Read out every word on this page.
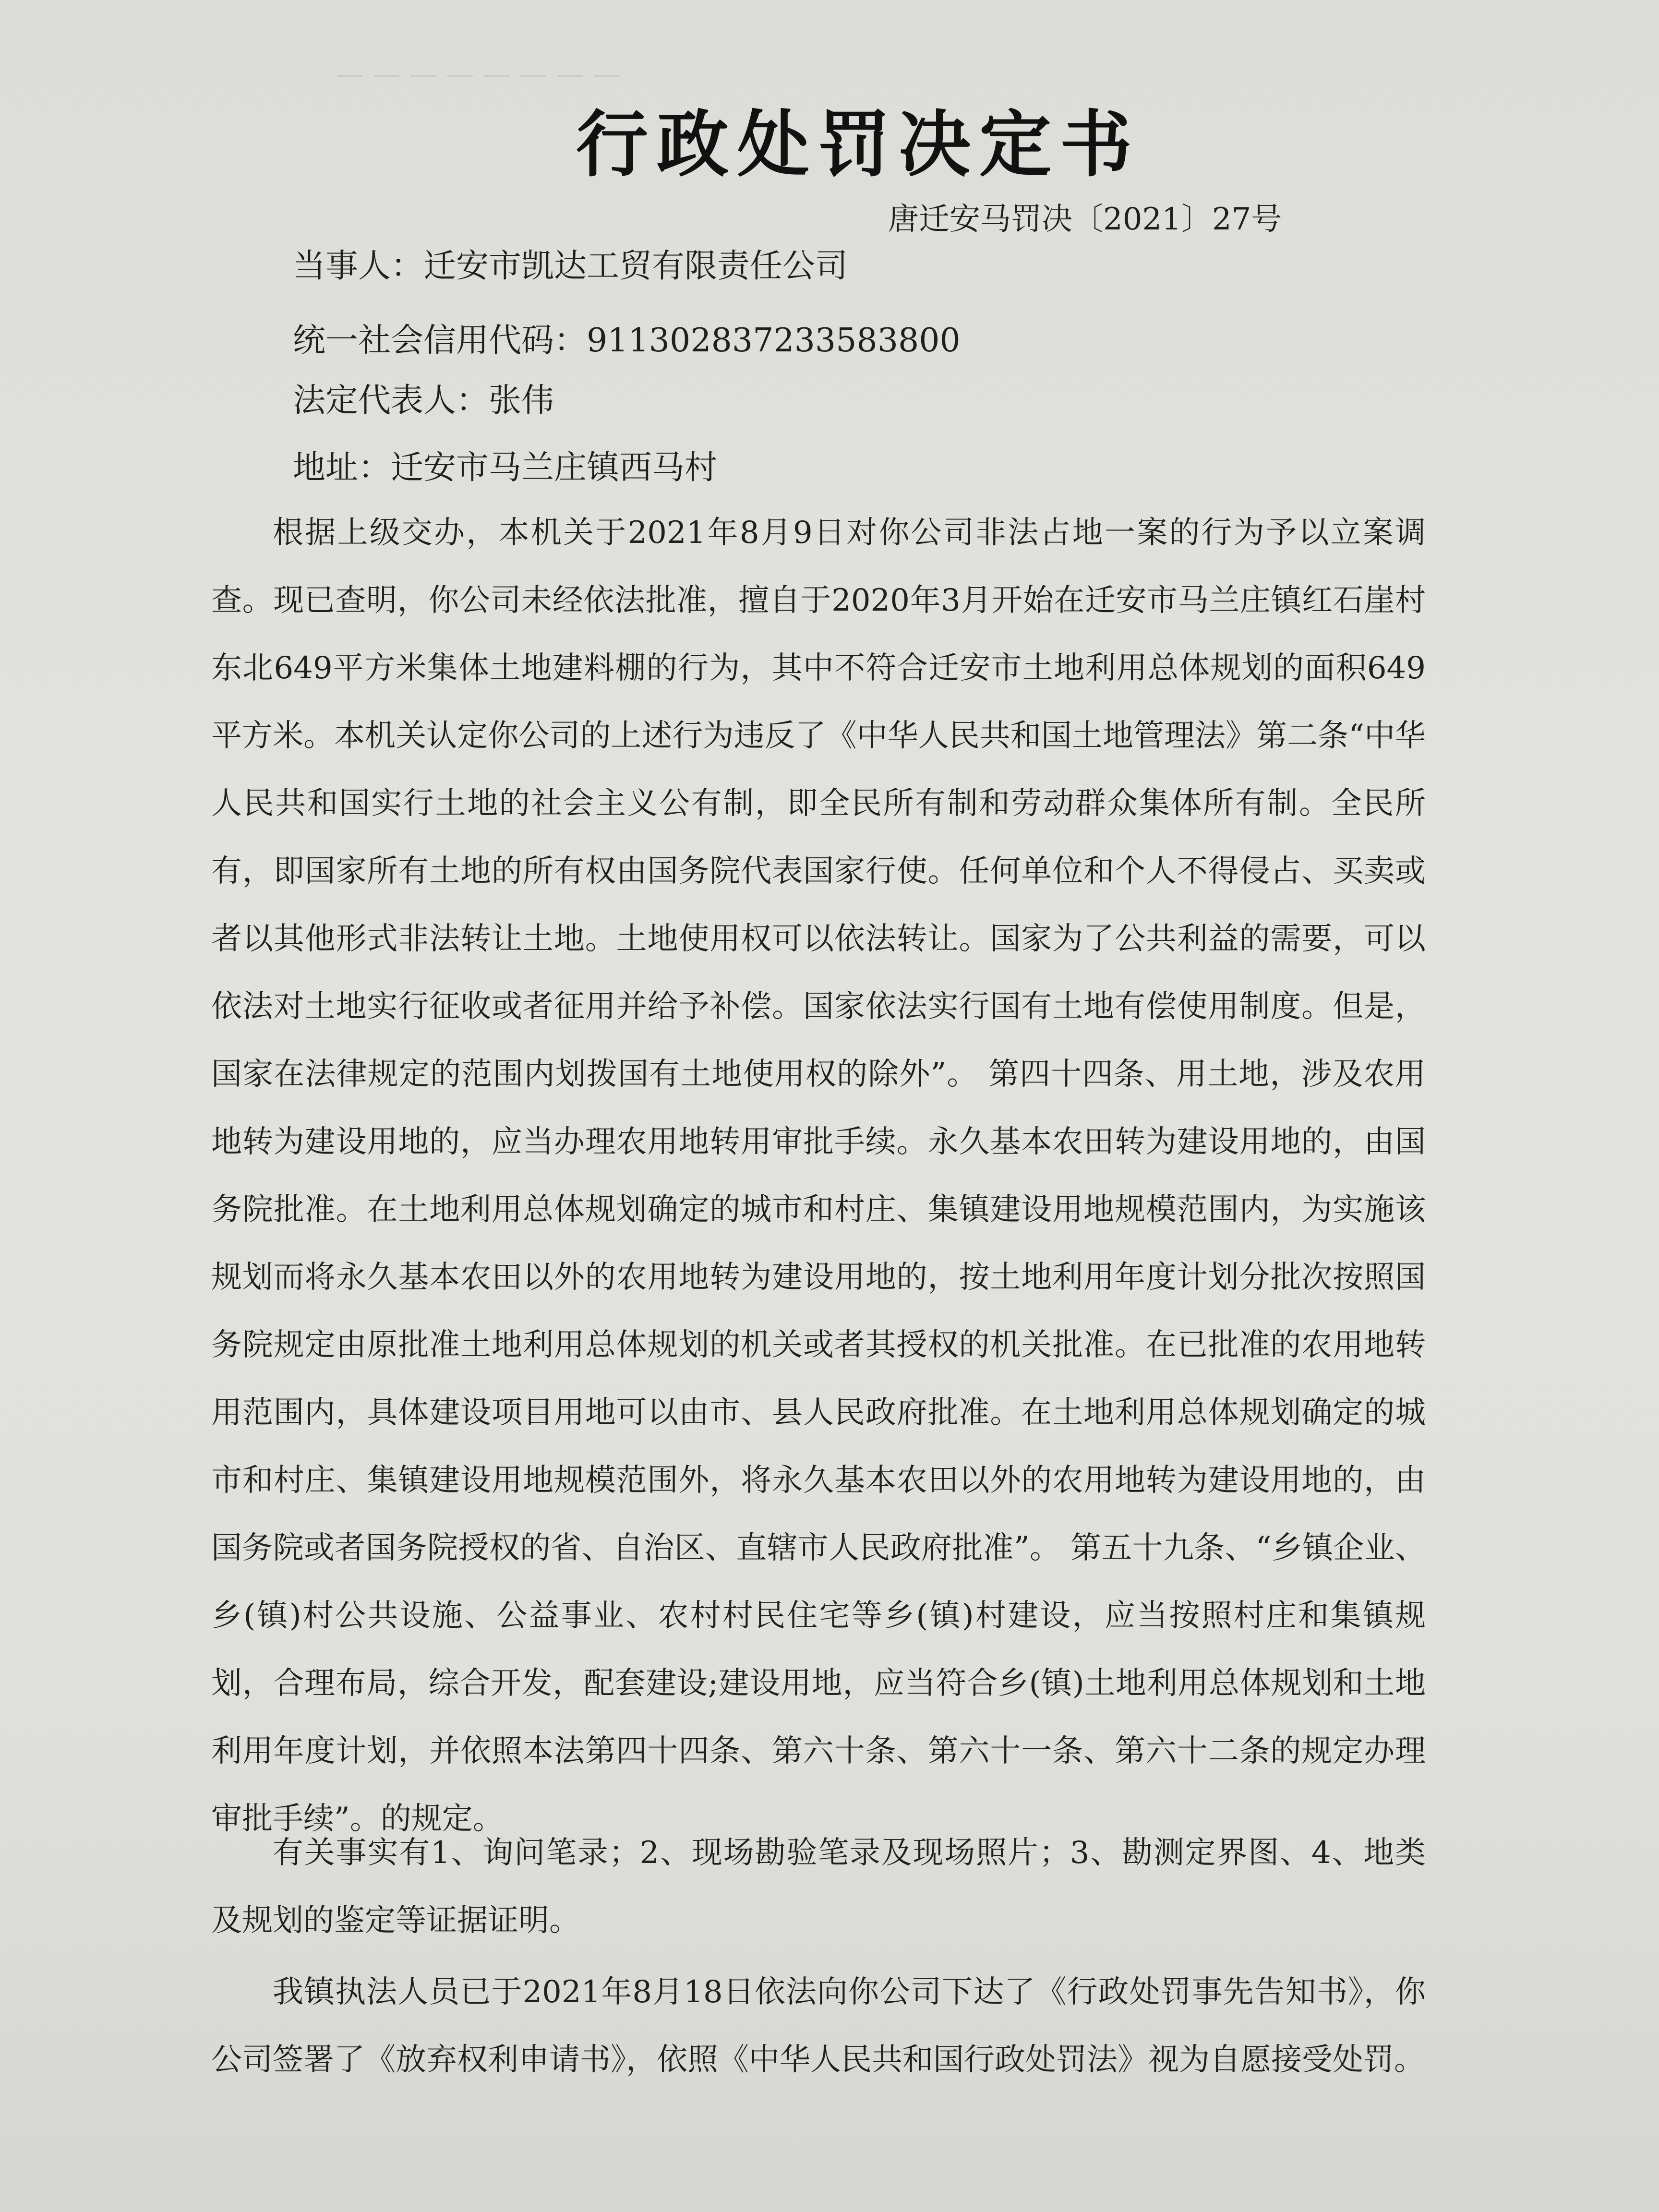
— — — — — — — —
行政处罚决定书
唐迁安马罚决〔2021〕27号
当事人：迁安市凯达工贸有限责任公司
统一社会信用代码：911302837233583800
法定代表人：张伟
地址：迁安市马兰庄镇西马村
根据上级交办，本机关于2021年8月9日对你公司非法占地一案的行为予以立案调查。现已查明，你公司未经依法批准，擅自于2020年3月开始在迁安市马兰庄镇红石崖村东北649平方米集体土地建料棚的行为，其中不符合迁安市土地利用总体规划的面积649平方米。本机关认定你公司的上述行为违反了《中华人民共和国土地管理法》第二条“中华人民共和国实行土地的社会主义公有制，即全民所有制和劳动群众集体所有制。全民所有，即国家所有土地的所有权由国务院代表国家行使。任何单位和个人不得侵占、买卖或者以其他形式非法转让土地。土地使用权可以依法转让。国家为了公共利益的需要，可以依法对土地实行征收或者征用并给予补偿。国家依法实行国有土地有偿使用制度。但是，国家在法律规定的范围内划拨国有土地使用权的除外”。 第四十四条、用土地，涉及农用地转为建设用地的，应当办理农用地转用审批手续。永久基本农田转为建设用地的，由国务院批准。在土地利用总体规划确定的城市和村庄、集镇建设用地规模范围内，为实施该规划而将永久基本农田以外的农用地转为建设用地的，按土地利用年度计划分批次按照国务院规定由原批准土地利用总体规划的机关或者其授权的机关批准。在已批准的农用地转用范围内，具体建设项目用地可以由市、县人民政府批准。在土地利用总体规划确定的城市和村庄、集镇建设用地规模范围外，将永久基本农田以外的农用地转为建设用地的，由国务院或者国务院授权的省、自治区、直辖市人民政府批准”。 第五十九条、“乡镇企业、乡(镇)村公共设施、公益事业、农村村民住宅等乡(镇)村建设，应当按照村庄和集镇规划，合理布局，综合开发，配套建设;建设用地，应当符合乡(镇)土地利用总体规划和土地利用年度计划，并依照本法第四十四条、第六十条、第六十一条、第六十二条的规定办理审批手续”。的规定。
有关事实有1、询问笔录；2、现场勘验笔录及现场照片；3、勘测定界图、4、地类及规划的鉴定等证据证明。
我镇执法人员已于2021年8月18日依法向你公司下达了《行政处罚事先告知书》，你公司签署了《放弃权利申请书》，依照《中华人民共和国行政处罚法》视为自愿接受处罚。
